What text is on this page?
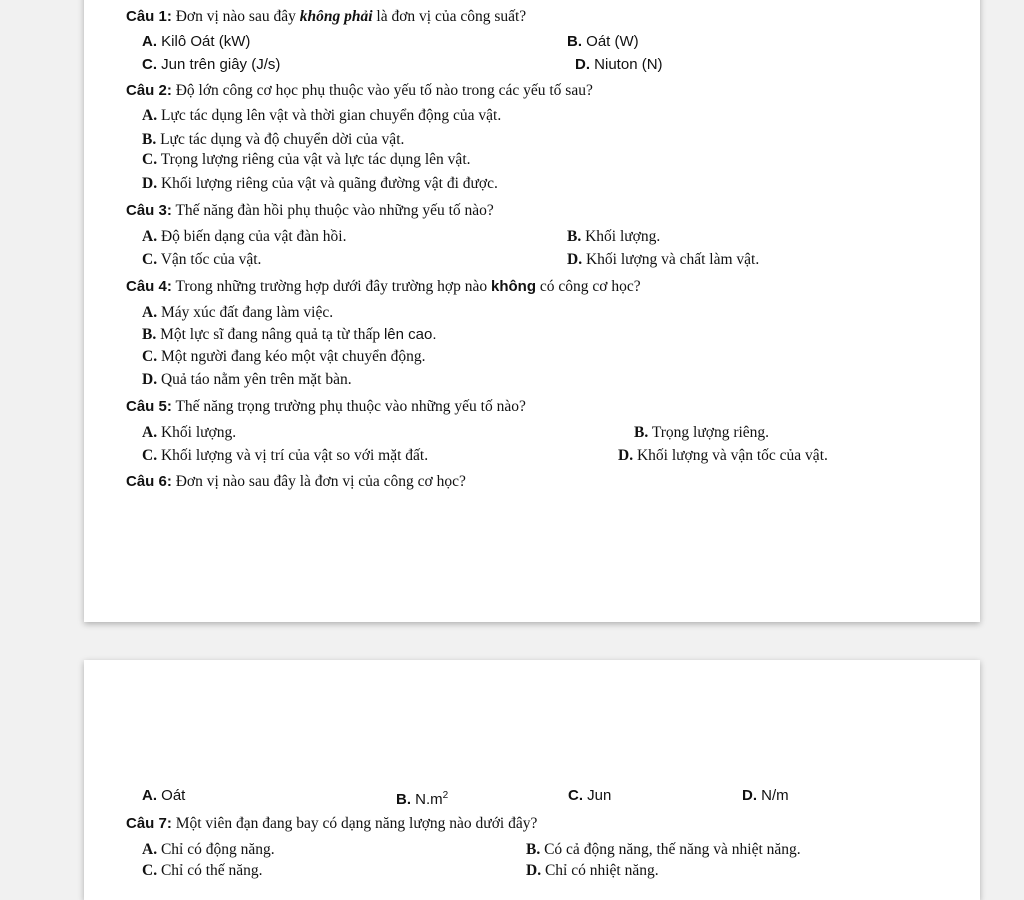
Câu 1: Đơn vị nào sau đây không phải là đơn vị của công suất?
A. Kilô Oát (kW)	B. Oát (W)
C. Jun trên giây (J/s)	D. Niuton (N)
Câu 2: Độ lớn công cơ học phụ thuộc vào yếu tố nào trong các yếu tố sau?
A. Lực tác dụng lên vật và thời gian chuyển động của vật.
B. Lực tác dụng và độ chuyển dời của vật.
C. Trọng lượng riêng của vật và lực tác dụng lên vật.
D. Khối lượng riêng của vật và quãng đường vật đi được.
Câu 3: Thế năng đàn hồi phụ thuộc vào những yếu tố nào?
A. Độ biến dạng của vật đàn hồi.	B. Khối lượng.
C. Vận tốc của vật.	D. Khối lượng và chất làm vật.
Câu 4: Trong những trường hợp dưới đây trường hợp nào không có công cơ học?
A. Máy xúc đất đang làm việc.
B. Một lực sĩ đang nâng quả tạ từ thấp lên cao.
C. Một người đang kéo một vật chuyển động.
D. Quả táo nằm yên trên mặt bàn.
Câu 5: Thế năng trọng trường phụ thuộc vào những yếu tố nào?
A. Khối lượng.	B. Trọng lượng riêng.
C. Khối lượng và vị trí của vật so với mặt đất.	D. Khối lượng và vận tốc của vật.
Câu 6: Đơn vị nào sau đây là đơn vị của công cơ học?
A. Oát	B. $N.m^2$	C. Jun	D. N/m
Câu 7: Một viên đạn đang bay có dạng năng lượng nào dưới đây?
A. Chỉ có động năng.	B. Có cả động năng, thế năng và nhiệt năng.
C. Chỉ có thế năng.	D. Chỉ có nhiệt năng.
